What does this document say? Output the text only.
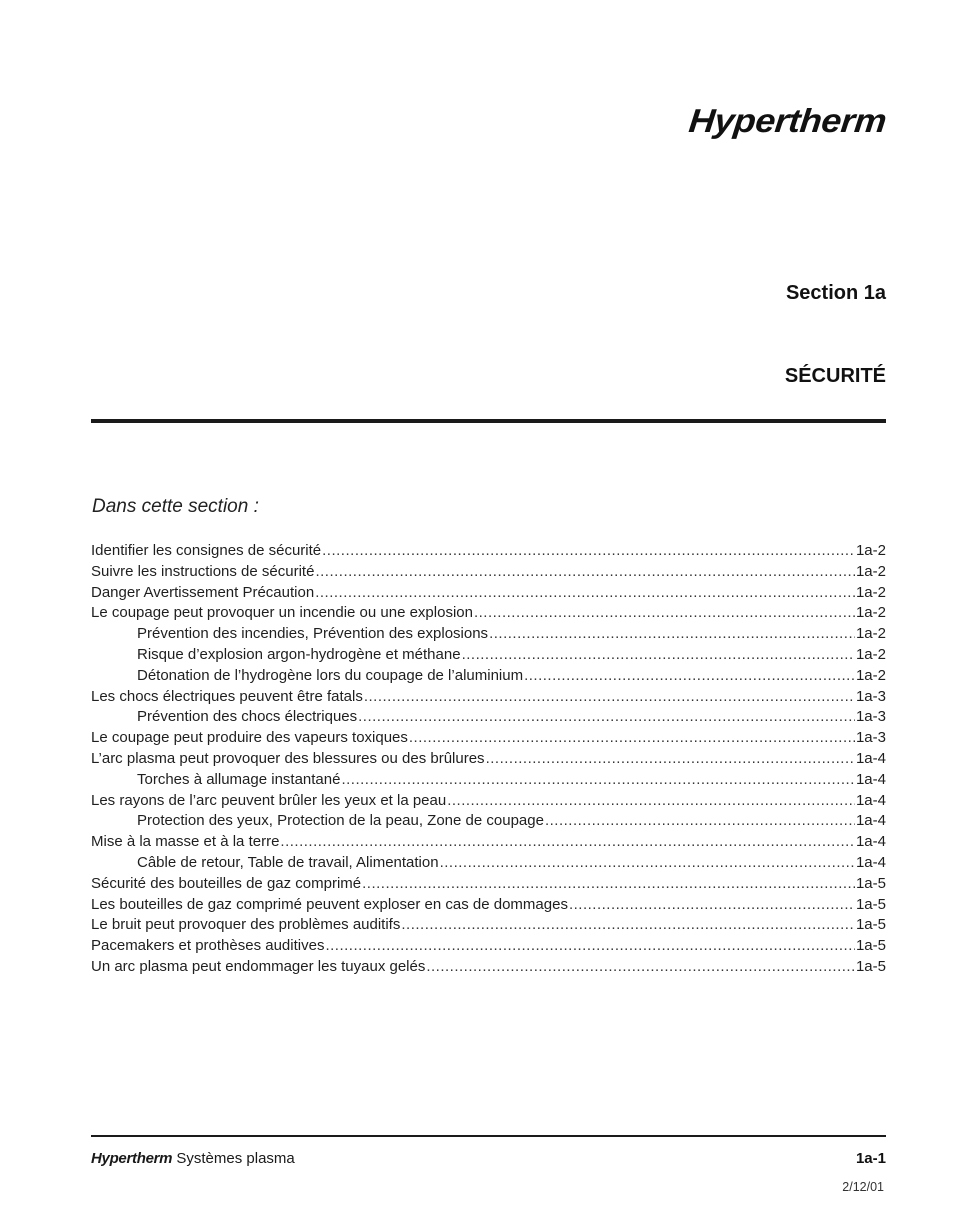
Hypertherm
Section 1a
SÉCURITÉ
Dans cette section :
Identifier les consignes de sécurité .....	1a-2
Suivre les instructions de sécurité .....	1a-2
Danger Avertissement Précaution .....	1a-2
Le coupage peut provoquer un incendie ou une explosion .....	1a-2
Prévention des incendies, Prévention des explosions .....	1a-2
Risque d’explosion argon-hydrogène et méthane .....	1a-2
Détonation de l’hydrogène lors du coupage de l’aluminium .....	1a-2
Les chocs électriques peuvent être fatals .....	1a-3
Prévention des chocs électriques .....	1a-3
Le coupage peut produire des vapeurs toxiques .....	1a-3
L’arc plasma peut provoquer des blessures ou des brûlures .....	1a-4
Torches à allumage instantané .....	1a-4
Les rayons de l’arc peuvent brûler les yeux et la peau .....	1a-4
Protection des yeux, Protection de la peau, Zone de coupage .....	1a-4
Mise à la masse et à la terre .....	1a-4
Câble de retour, Table de travail, Alimentation .....	1a-4
Sécurité des bouteilles de gaz comprimé .....	1a-5
Les bouteilles de gaz comprimé peuvent exploser en cas de dommages .....	1a-5
Le bruit peut provoquer des problèmes auditifs .....	1a-5
Pacemakers et prothèses auditives .....	1a-5
Un arc plasma peut endommager les tuyaux gelés .....	1a-5
Hypertherm Systèmes plasma	1a-1
2/12/01
